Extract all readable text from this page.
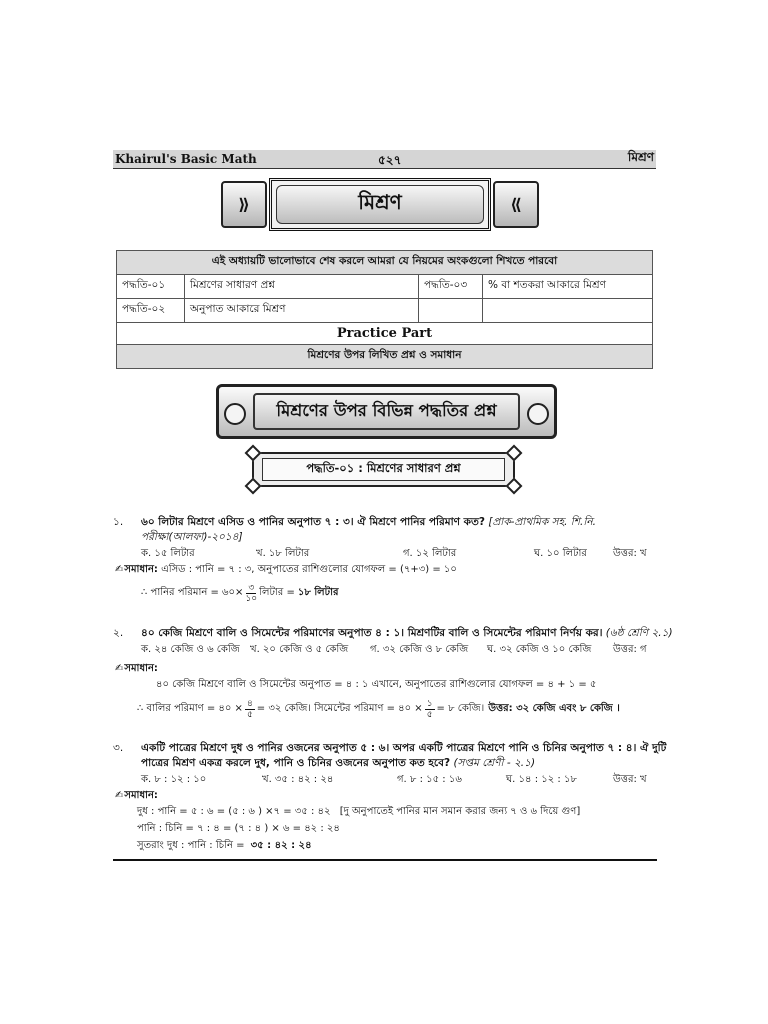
Khairul's Basic Math	৫২৭	মিশ্রণ
⟫	মিশ্রণ	⟪
এই অধ্যায়টি ভালোভাবে শেষ করলে আমরা যে নিয়মের অংকগুলো শিখতে পারবো			
পদ্ধতি-০১	মিশ্রণের সাধারণ প্রশ্ন	পদ্ধতি-০৩	% বা শতকরা আকারে মিশ্রণ
পদ্ধতি-০২	অনুপাত আকারে মিশ্রণ		
Practice Part			
মিশ্রণের উপর লিখিত প্রশ্ন ও সমাধান			
মিশ্রণের উপর বিভিন্ন পদ্ধতির প্রশ্ন
পদ্ধতি-০১ : মিশ্রণের সাধারণ প্রশ্ন
১. ৬০ লিটার মিশ্রণে এসিড ও পানির অনুপাত ৭ : ৩। ঐ মিশ্রণে পানির পরিমাণ কত? [প্রাক-প্রাথমিক সহ. শি.নি. পরীক্ষা(আলফা)-২০১৪]
ক. ১৫ লিটার	খ. ১৮ লিটার	গ. ১২ লিটার	ঘ. ১০ লিটার	উত্তর: খ
✍সমাধান: এসিড : পানি = ৭ : ৩, অনুপাতের রাশিগুলোর যোগফল = (৭+৩) = ১০
∴ পানির পরিমান = ৬০× $\frac{৩}{১০}$ লিটার = ১৮ লিটার
২. ৪০ কেজি মিশ্রণে বালি ও সিমেন্টের পরিমাণের অনুপাত ৪ : ১। মিশ্রণটির বালি ও সিমেন্টের পরিমাণ নির্ণয় কর। (৬ষ্ঠ শ্রেণি ২.১)
ক. ২৪ কেজি ও ৬ কেজি খ. ২০ কেজি ও ৫ কেজি গ. ৩২ কেজি ও ৮ কেজি ঘ. ৩২ কেজি ও ১০ কেজি উত্তর: গ
✍সমাধান:
৪০ কেজি মিশ্রণে বালি ও সিমেন্টের অনুপাত = ৪ : ১ এখানে, অনুপাতের রাশিগুলোর যোগফল = ৪ + ১ = ৫
∴ বালির পরিমাণ = ৪০ × $\frac{৪}{৫}$ = ৩২ কেজি। সিমেন্টের পরিমাণ = ৪০ × $\frac{১}{৫}$ = ৮ কেজি। উত্তর: ৩২ কেজি এবং ৮ কেজি ।
৩. একটি পাত্রের মিশ্রণে দুধ ও পানির ওজনের অনুপাত ৫ : ৬। অপর একটি পাত্রের মিশ্রণে পানি ও চিনির অনুপাত ৭ : ৪। ঐ দুটি
পাত্রের মিশ্রণ একত্র করলে দুধ, পানি ও চিনির ওজনের অনুপাত কত হবে? (সপ্তম শ্রেণী - ২.১)
ক. ৮ : ১২ : ১০	খ. ৩৫ : ৪২ : ২৪	গ. ৮ : ১৫ : ১৬	ঘ. ১৪ : ১২ : ১৮	উত্তর: খ
✍সমাধান:
দুধ : পানি = ৫ : ৬ = (৫ : ৬ ) ×৭ = ৩৫ : ৪২ [দু অনুপাতেই পানির মান সমান করার জন্য ৭ ও ৬ দিয়ে গুণ]
পানি : চিনি = ৭ : ৪ = (৭ : ৪ ) × ৬ = ৪২ : ২৪
সুতরাং দুধ : পানি : চিনি = ৩৫ : ৪২ : ২৪
